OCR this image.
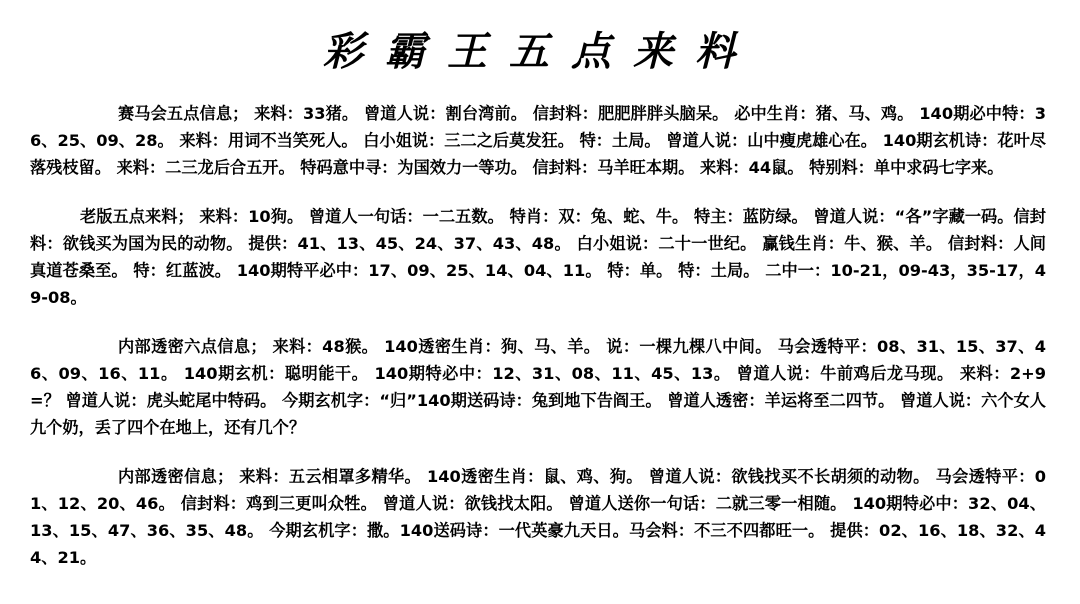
彩霸王五点来料

赛马会五点信息； 来料：33猪。 曾道人说：割台湾前。 信封料：肥肥胖胖头脑呆。 必中生肖：猪、马、鸡。 140期必中特：36、25、09、28。 来料：用词不当笑死人。 白小姐说：三二之后莫发狂。 特：土局。 曾道人说：山中瘦虎雄心在。 140期玄机诗：花叶尽落残枝留。 来料：二三龙后合五开。 特码意中寻：为国效力一等功。 信封料：马羊旺本期。 来料：44鼠。 特别料：单中求码七字来。

老版五点来料； 来料：10狗。 曾道人一句话：一二五数。 特肖：双：兔、蛇、牛。 特主：蓝防绿。 曾道人说：“各”字藏一码。信封料：欲钱买为国为民的动物。 提供：41、13、45、24、37、43、48。 白小姐说：二十一世纪。 赢钱生肖：牛、猴、羊。 信封料：人间真道苍桑至。 特：红蓝波。 140期特平必中：17、09、25、14、04、11。 特：单。 特：土局。 二中一：10-21，09-43，35-17，49-08。

内部透密六点信息； 来料：48猴。 140透密生肖：狗、马、羊。 说：一棵九棵八中间。 马会透特平：08、31、15、37、46、09、16、11。 140期玄机：聪明能干。 140期特必中：12、31、08、11、45、13。 曾道人说：牛前鸡后龙马现。 来料：2+9=？ 曾道人说：虎头蛇尾中特码。 今期玄机字：“归”140期送码诗：兔到地下告阎王。 曾道人透密：羊运将至二四节。 曾道人说：六个女人九个奶，丢了四个在地上，还有几个？

内部透密信息； 来料：五云相罩多精华。 140透密生肖：鼠、鸡、狗。 曾道人说：欲钱找买不长胡须的动物。 马会透特平：01、12、20、46。 信封料：鸡到三更叫众牲。 曾道人说：欲钱找太阳。 曾道人送你一句话：二就三零一相随。 140期特必中：32、04、13、15、47、36、35、48。 今期玄机字：撒。140送码诗：一代英豪九天日。马会料：不三不四都旺一。 提供：02、16、18、32、44、21。
